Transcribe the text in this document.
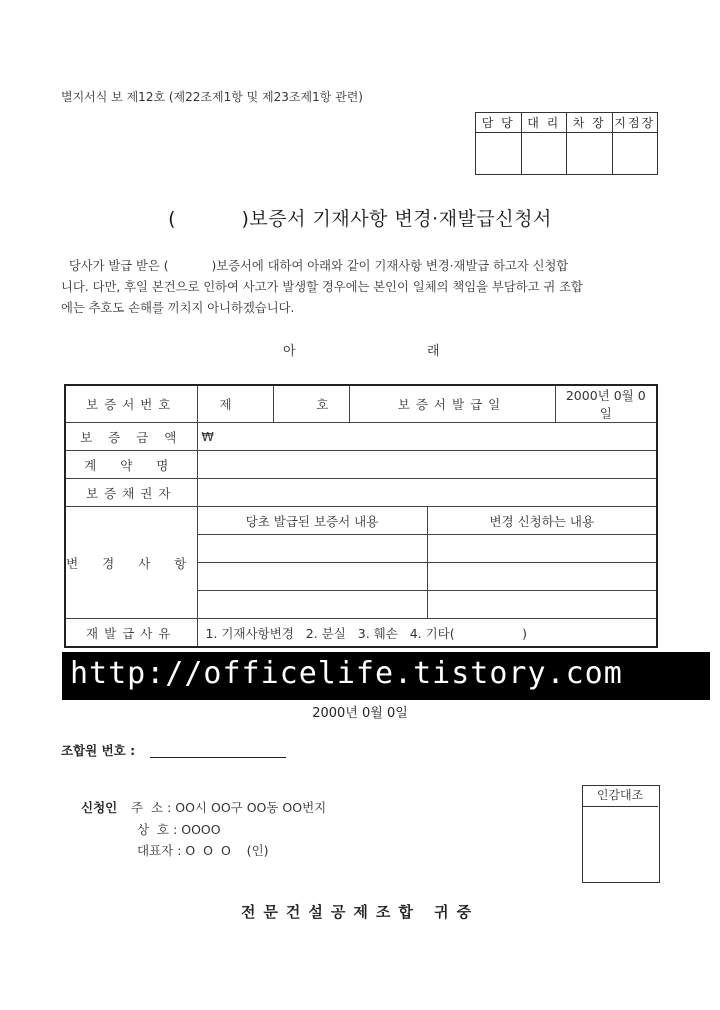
별지서식 보 제12호 (제22조제1항 및 제23조제1항 관련)
담 당	대 리	차 장	지점장

(          )보증서 기재사항 변경·재발급신청서

당사가 발급 받은 (           )보증서에 대하여 아래와 같이 기재사항 변경·재발급 하고자 신청합

니다. 다만, 후일 본건으로 인하여 사고가 발생할 경우에는 본인이 일체의 책임을 부담하고 귀 조합

에는 추호도 손해를 끼치지 아니하겠습니다.

아	래
보증서번호	제	호	보증서발급일		2000년 0월 0일
보 증 금 액	₩				
계 약 명					
보증채권자					
변 경 사 항	당초 발급된 보증서 내용			변경 신청하는 내용	

재발급사유	1. 기재사항변경   2. 분실   3. 훼손   4. 기타(                 )				
http://officelife.tistory.com
2000년 0월 0일
조합원 번호 :
신청인 주  소 : OO시 OO구 OO동 OO번지
상  호 : OOOO
대표자 : O  O  O    (인)
인감대조
전문건설공제조합 귀중
